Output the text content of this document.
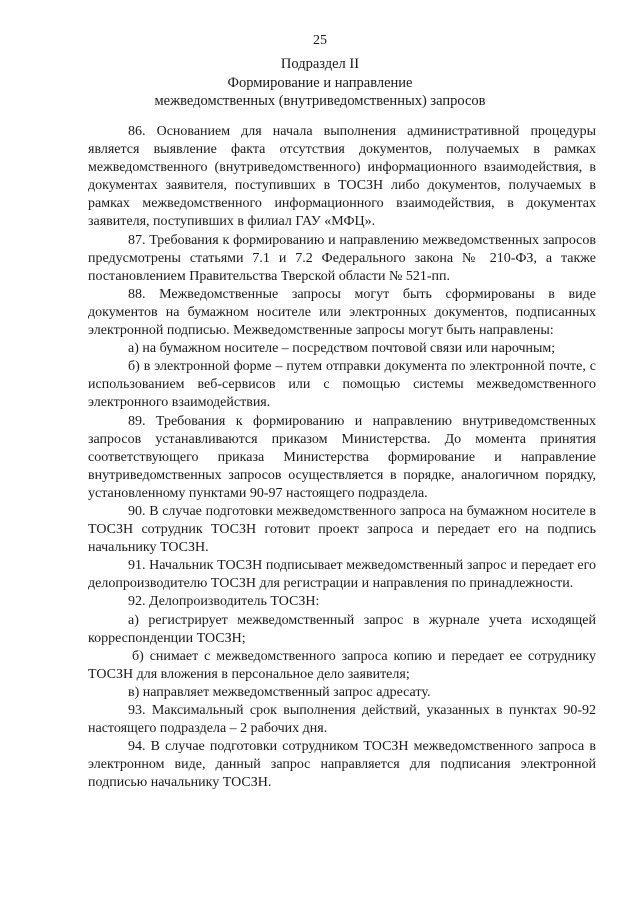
25
Подраздел II
Формирование и направление
межведомственных (внутриведомственных) запросов

86. Основанием для начала выполнения административной процедуры является выявление факта отсутствия документов, получаемых в рамках межведомственного (внутриведомственного) информационного взаимодействия, в документах заявителя, поступивших в ТОСЗН либо документов, получаемых в рамках межведомственного информационного взаимодействия, в документах заявителя, поступивших в филиал ГАУ «МФЦ».

87. Требования к формированию и направлению межведомственных запросов предусмотрены статьями 7.1 и 7.2 Федерального закона № 210-ФЗ, а также постановлением Правительства Тверской области № 521-пп.

88. Межведомственные запросы могут быть сформированы в виде документов на бумажном носителе или электронных документов, подписанных электронной подписью. Межведомственные запросы могут быть направлены:

а) на бумажном носителе – посредством почтовой связи или нарочным;

б) в электронной форме – путем отправки документа по электронной почте, с использованием веб-сервисов или с помощью системы межведомственного электронного взаимодействия.

89. Требования к формированию и направлению внутриведомственных запросов устанавливаются приказом Министерства. До момента принятия соответствующего приказа Министерства формирование и направление внутриведомственных запросов осуществляется в порядке, аналогичном порядку, установленному пунктами 90-97 настоящего подраздела.

90. В случае подготовки межведомственного запроса на бумажном носителе в ТОСЗН сотрудник ТОСЗН готовит проект запроса и передает его на подпись начальнику ТОСЗН.

91. Начальник ТОСЗН подписывает межведомственный запрос и передает его делопроизводителю ТОСЗН для регистрации и направления по принадлежности.

92. Делопроизводитель ТОСЗН:

а) регистрирует межведомственный запрос в журнале учета исходящей корреспонденции ТОСЗН;

б) снимает с межведомственного запроса копию и передает ее сотруднику ТОСЗН для вложения в персональное дело заявителя;

в) направляет межведомственный запрос адресату.

93. Максимальный срок выполнения действий, указанных в пунктах 90-92 настоящего подраздела – 2 рабочих дня.

94. В случае подготовки сотрудником ТОСЗН межведомственного запроса в электронном виде, данный запрос направляется для подписания электронной подписью начальнику ТОСЗН.
